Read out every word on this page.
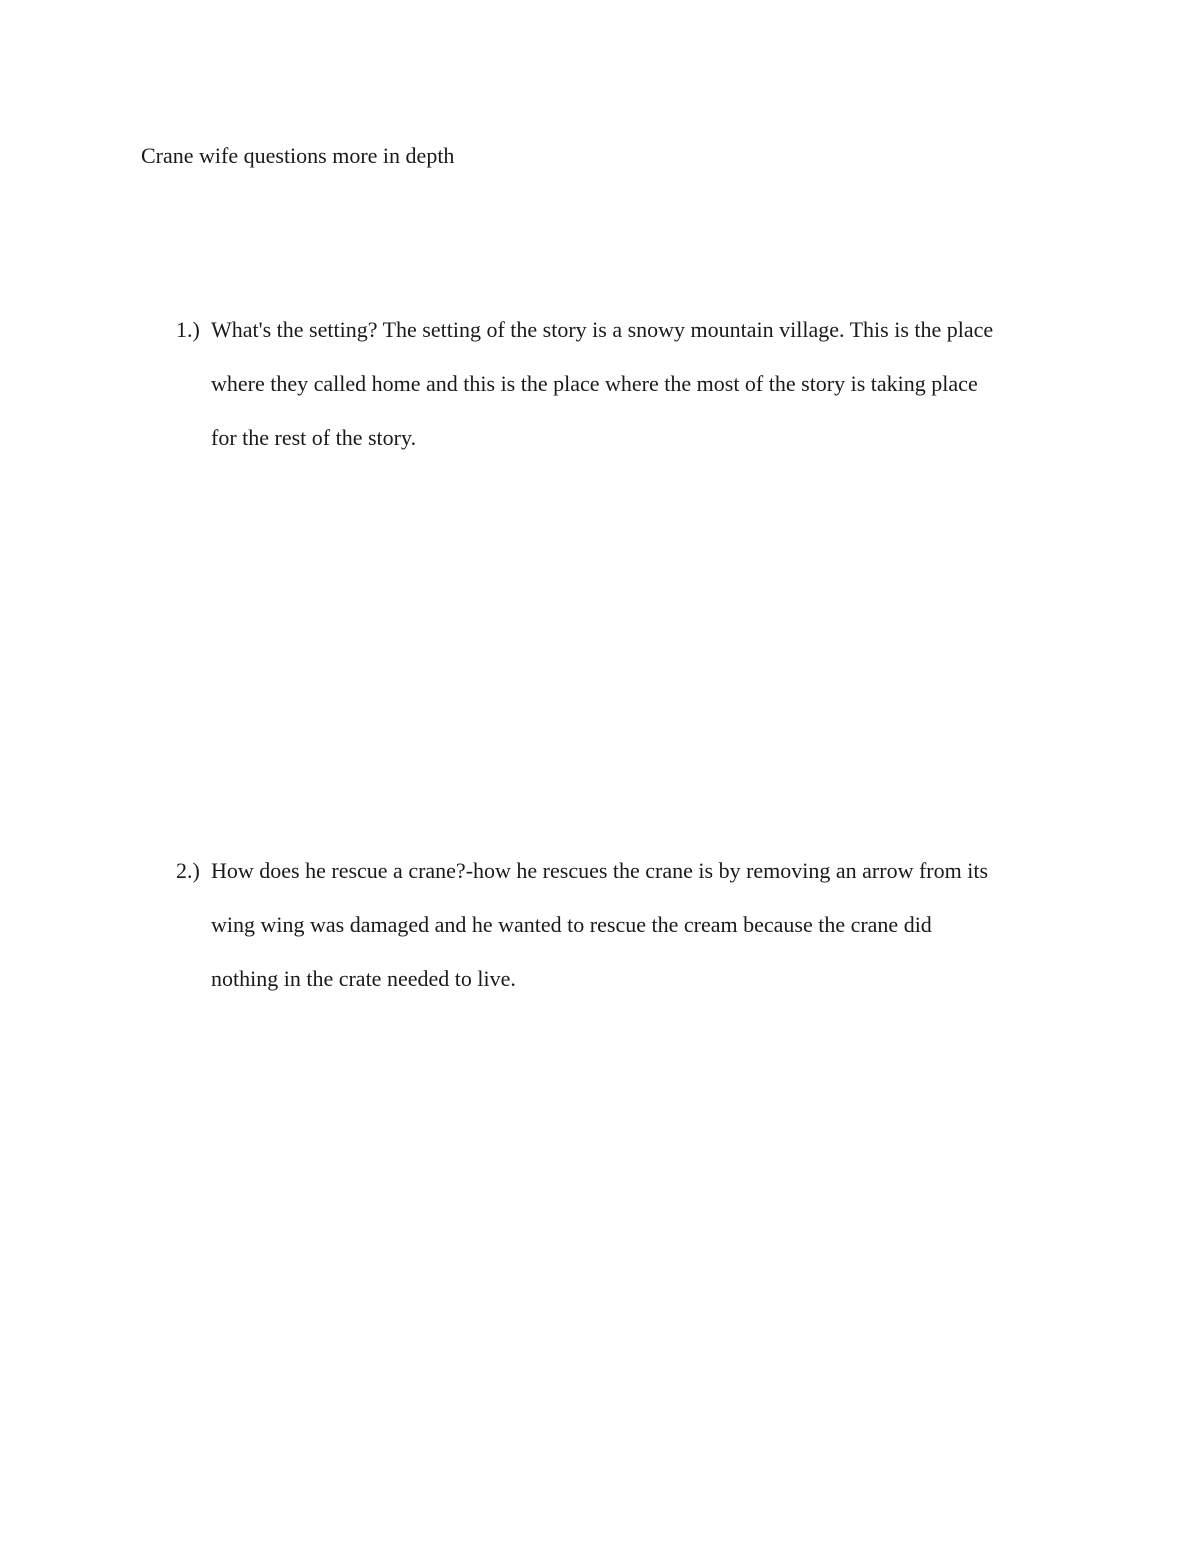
Crane wife questions more in depth

1.) What's the setting? The setting of the story is a snowy mountain village. This is the place
where they called home and this is the place where the most of the story is taking place
for the rest of the story.

2.) How does he rescue a crane?-how he rescues the crane is by removing an arrow from its
wing wing was damaged and he wanted to rescue the cream because the crane did
nothing in the crate needed to live.
